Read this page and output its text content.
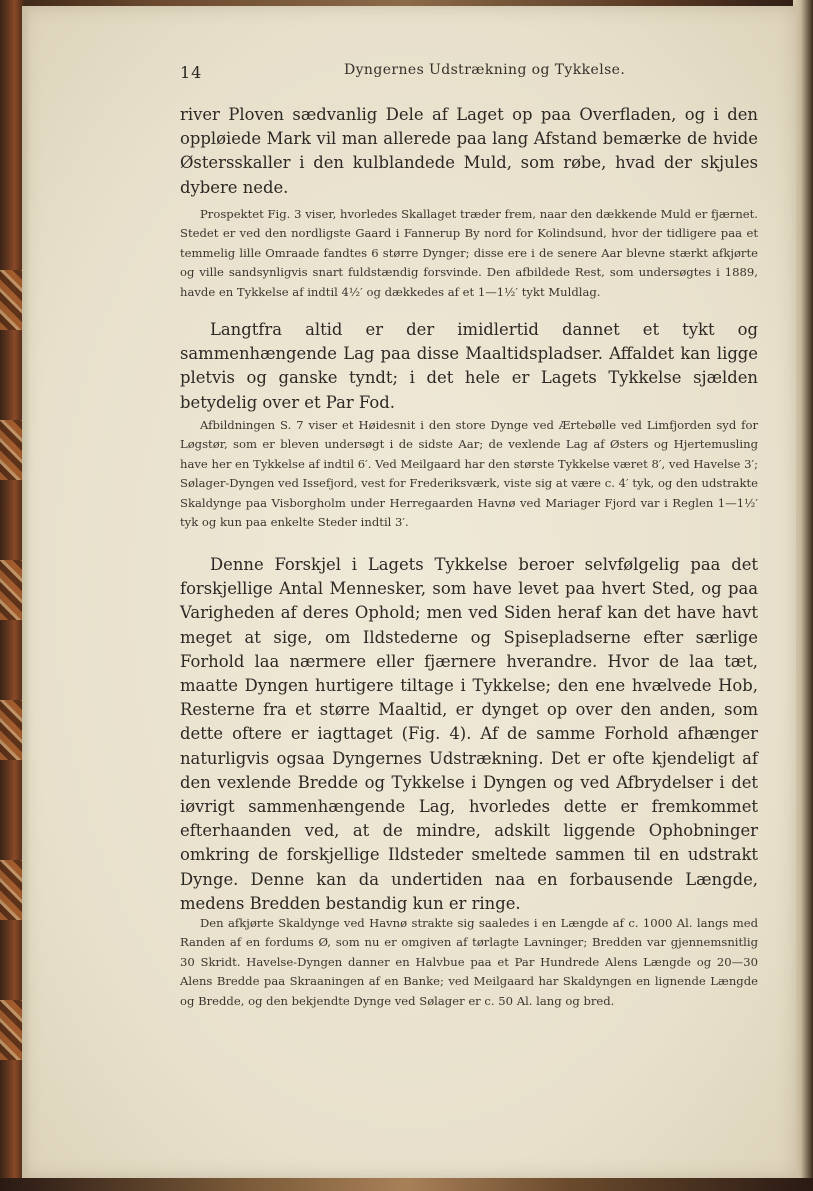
14	Dyngernes Udstrækning og Tykkelse.

river Ploven sædvanlig Dele af Laget op paa Overfladen, og i den oppløiede Mark vil man allerede paa lang Afstand bemærke de hvide Østersskaller i den kulblandede Muld, som røbe, hvad der skjules dybere nede.

Prospektet Fig. 3 viser, hvorledes Skallaget træder frem, naar den dækkende Muld er fjærnet. Stedet er ved den nordligste Gaard i Fannerup By nord for Kolindsund, hvor der tidligere paa et temmelig lille Omraade fandtes 6 større Dynger; disse ere i de senere Aar blevne stærkt afkjørte og ville sandsynligvis snart fuldstændig forsvinde. Den afbildede Rest, som undersøgtes i 1889, havde en Tykkelse af indtil 4½′ og dækkedes af et 1—1½′ tykt Muldlag.

Langtfra altid er der imidlertid dannet et tykt og sammenhængende Lag paa disse Maaltidspladser. Affaldet kan ligge pletvis og ganske tyndt; i det hele er Lagets Tykkelse sjælden betydelig over et Par Fod.

Afbildningen S. 7 viser et Høidesnit i den store Dynge ved Ærtebølle ved Limfjorden syd for Løgstør, som er bleven undersøgt i de sidste Aar; de vexlende Lag af Østers og Hjertemusling have her en Tykkelse af indtil 6′. Ved Meilgaard har den største Tykkelse været 8′, ved Havelse 3′; Sølager-Dyngen ved Issefjord, vest for Frederiksværk, viste sig at være c. 4′ tyk, og den udstrakte Skaldynge paa Visborgholm under Herregaarden Havnø ved Mariager Fjord var i Reglen 1—1½′ tyk og kun paa enkelte Steder indtil 3′.

Denne Forskjel i Lagets Tykkelse beroer selvfølgelig paa det forskjellige Antal Mennesker, som have levet paa hvert Sted, og paa Varigheden af deres Ophold; men ved Siden heraf kan det have havt meget at sige, om Ildstederne og Spisepladserne efter særlige Forhold laa nærmere eller fjærnere hverandre. Hvor de laa tæt, maatte Dyngen hurtigere tiltage i Tykkelse; den ene hvælvede Hob, Resterne fra et større Maaltid, er dynget op over den anden, som dette oftere er iagttaget (Fig. 4). Af de samme Forhold afhænger naturligvis ogsaa Dyngernes Udstrækning. Det er ofte kjendeligt af den vexlende Bredde og Tykkelse i Dyngen og ved Afbrydelser i det iøvrigt sammenhængende Lag, hvorledes dette er fremkommet efterhaanden ved, at de mindre, adskilt liggende Ophobninger omkring de forskjellige Ildsteder smeltede sammen til en udstrakt Dynge. Denne kan da undertiden naa en forbausende Længde, medens Bredden bestandig kun er ringe.

Den afkjørte Skaldynge ved Havnø strakte sig saaledes i en Længde af c. 1000 Al. langs med Randen af en fordums Ø, som nu er omgiven af tørlagte Lavninger; Bredden var gjennemsnitlig 30 Skridt. Havelse-Dyngen danner en Halvbue paa et Par Hundrede Alens Længde og 20—30 Alens Bredde paa Skraaningen af en Banke; ved Meilgaard har Skaldyngen en lignende Længde og Bredde, og den bekjendte Dynge ved Sølager er c. 50 Al. lang og bred.
